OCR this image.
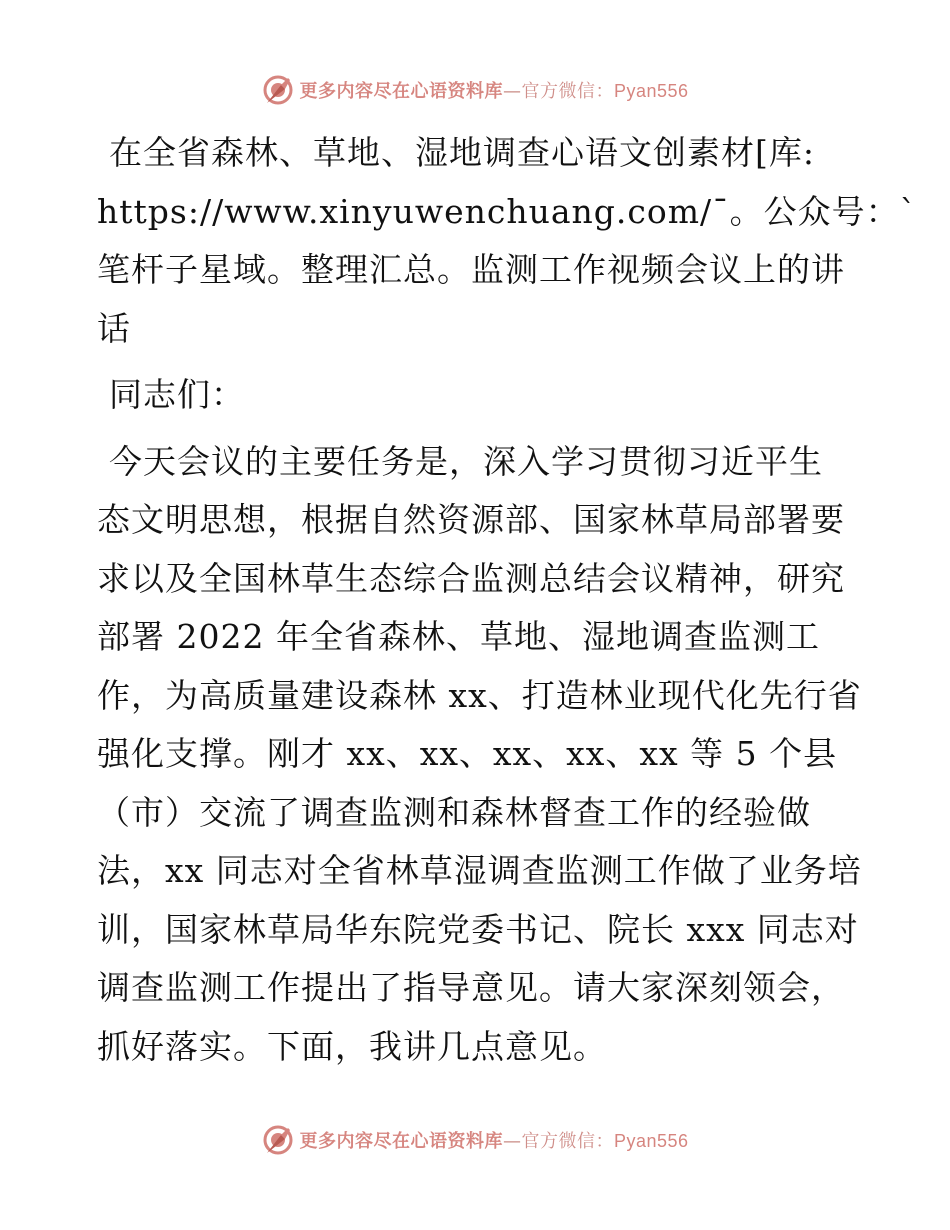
更多内容尽在心语资料库—官方微信：Pyan556

在全省森林、草地、湿地调查心语文创素材[库:
https://www.xinyuwenchuang.com/¯。公众号：`
笔杆子星域。整理汇总。监测工作视频会议上的讲
话

同志们：

今天会议的主要任务是，深入学习贯彻习近平生
态文明思想，根据自然资源部、国家林草局部署要
求以及全国林草生态综合监测总结会议精神，研究
部署 2022 年全省森林、草地、湿地调查监测工
作，为高质量建设森林 xx、打造林业现代化先行省
强化支撑。刚才 xx、xx、xx、xx、xx 等 5 个县
（市）交流了调查监测和森林督查工作的经验做
法，xx 同志对全省林草湿调查监测工作做了业务培
训，国家林草局华东院党委书记、院长 xxx 同志对
调查监测工作提出了指导意见。请大家深刻领会，
抓好落实。下面，我讲几点意见。

更多内容尽在心语资料库—官方微信：Pyan556
